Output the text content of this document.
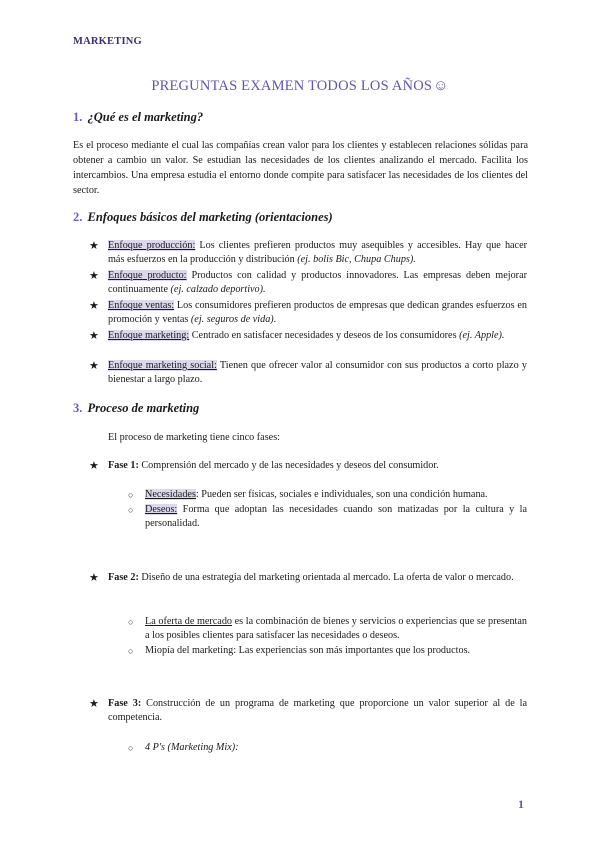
MARKETING
PREGUNTAS EXAMEN TODOS LOS AÑOS☺
1. ¿Qué es el marketing?
Es el proceso mediante el cual las compañías crean valor para los clientes y establecen relaciones sólidas para obtener a cambio un valor. Se estudian las necesidades de los clientes analizando el mercado. Facilita los intercambios. Una empresa estudia el entorno donde compite para satisfacer las necesidades de los clientes del sector.
2. Enfoques básicos del marketing (orientaciones)
★ Enfoque producción: Los clientes prefieren productos muy asequibles y accesibles. Hay que hacer más esfuerzos en la producción y distribución (ej. bolis Bic, Chupa Chups).
★ Enfoque producto: Productos con calidad y productos innovadores. Las empresas deben mejorar continuamente (ej. calzado deportivo).
★ Enfoque ventas: Los consumidores prefieren productos de empresas que dedican grandes esfuerzos en promoción y ventas (ej. seguros de vida).
★ Enfoque marketing: Centrado en satisfacer necesidades y deseos de los consumidores (ej. Apple).
★ Enfoque marketing social: Tienen que ofrecer valor al consumidor con sus productos a corto plazo y bienestar a largo plazo.
3. Proceso de marketing
El proceso de marketing tiene cinco fases:
★ Fase 1: Comprensión del mercado y de las necesidades y deseos del consumidor.
○ Necesidades: Pueden ser físicas, sociales e individuales, son una condición humana.
○ Deseos: Forma que adoptan las necesidades cuando son matizadas por la cultura y la personalidad.
★ Fase 2: Diseño de una estrategia del marketing orientada al mercado. La oferta de valor o mercado.
○ La oferta de mercado es la combinación de bienes y servicios o experiencias que se presentan a los posibles clientes para satisfacer las necesidades o deseos.
○ Miopía del marketing: Las experiencias son más importantes que los productos.
★ Fase 3: Construcción de un programa de marketing que proporcione un valor superior al de la competencia.
○ 4 P's (Marketing Mix):
1
